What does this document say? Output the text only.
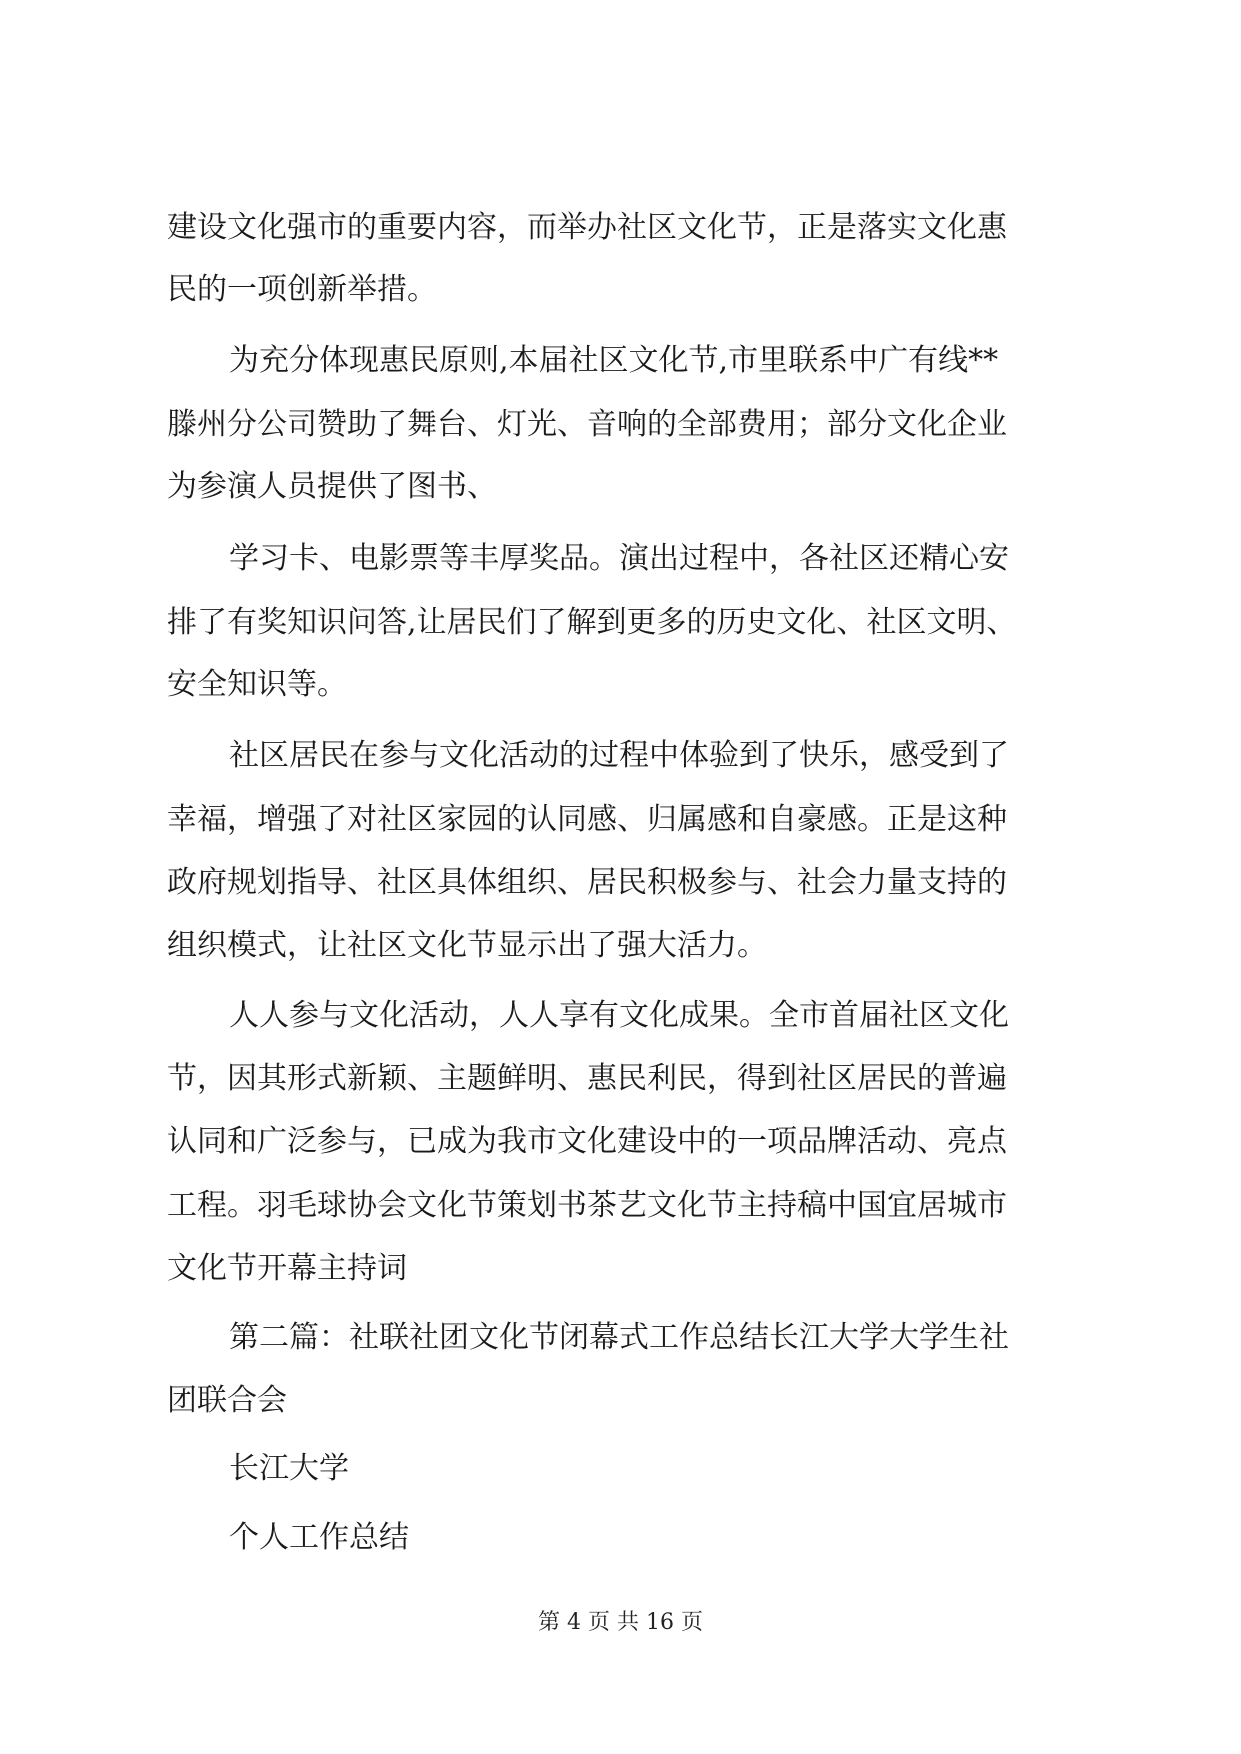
建设文化强市的重要内容，而举办社区文化节，正是落实文化惠
民的一项创新举措。
为充分体现惠民原则,本届社区文化节,市里联系中广有线**
滕州分公司赞助了舞台、灯光、音响的全部费用；部分文化企业
为参演人员提供了图书、
学习卡、电影票等丰厚奖品。演出过程中，各社区还精心安
排了有奖知识问答,让居民们了解到更多的历史文化、社区文明、
安全知识等。
社区居民在参与文化活动的过程中体验到了快乐，感受到了
幸福，增强了对社区家园的认同感、归属感和自豪感。正是这种
政府规划指导、社区具体组织、居民积极参与、社会力量支持的
组织模式，让社区文化节显示出了强大活力。
人人参与文化活动，人人享有文化成果。全市首届社区文化
节，因其形式新颖、主题鲜明、惠民利民，得到社区居民的普遍
认同和广泛参与，已成为我市文化建设中的一项品牌活动、亮点
工程。羽毛球协会文化节策划书茶艺文化节主持稿中国宜居城市
文化节开幕主持词
第二篇：社联社团文化节闭幕式工作总结长江大学大学生社
团联合会
长江大学
个人工作总结
第 4 页 共 16 页
